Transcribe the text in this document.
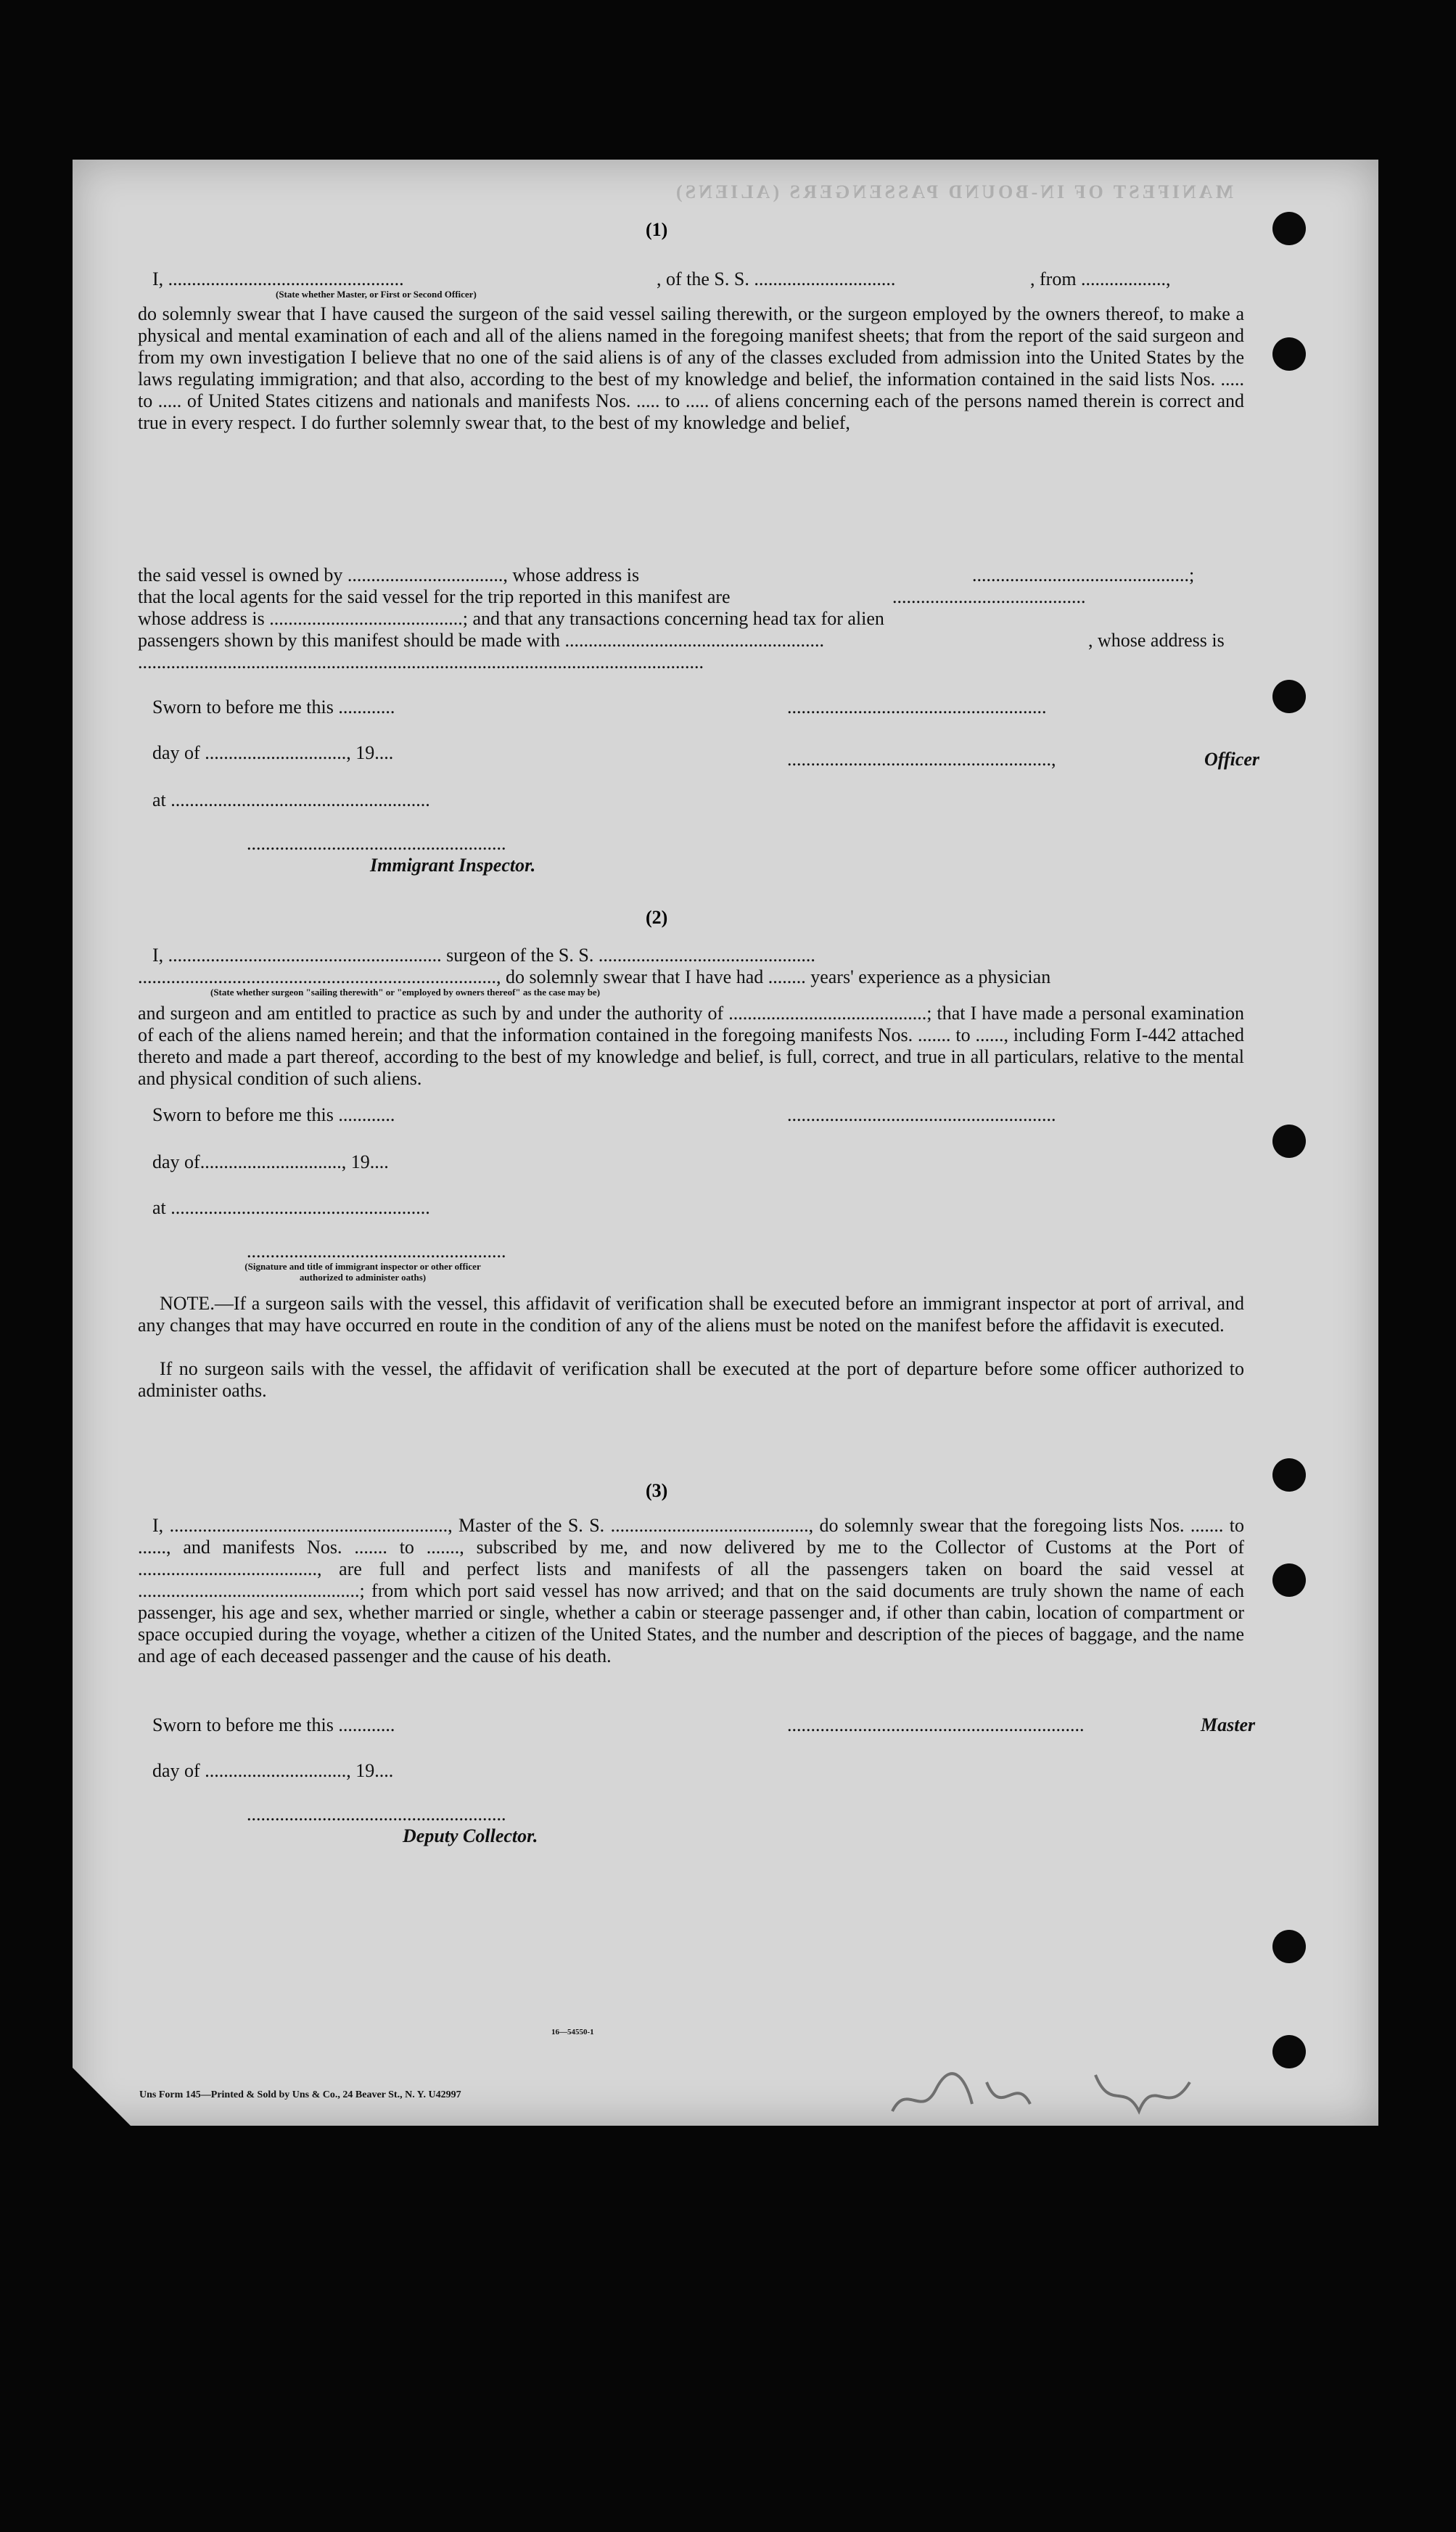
MANIFEST OF IN-BOUND PASSENGERS (ALIENS)
(1)
I, ..................................................	, of the S. S. ..............................	, from ..................,
(State whether Master, or First or Second Officer)

do solemnly swear that I have caused the surgeon of the said vessel sailing therewith, or the surgeon employed by the owners thereof, to make a physical and mental examination of each and all of the aliens named in the foregoing manifest sheets; that from the report of the said surgeon and from my own investigation I believe that no one of the said aliens is of any of the classes excluded from admission into the United States by the laws regulating immigration; and that also, according to the best of my knowledge and belief, the information contained in the said lists Nos. ..... to ..... of United States citizens and nationals and manifests Nos. ..... to ..... of aliens concerning each of the persons named therein is correct and true in every respect. I do further solemnly swear that, to the best of my knowledge and belief,

the said vessel is owned by ................................., whose address is	..............................................;
that the local agents for the said vessel for the trip reported in this manifest are	.........................................
whose address is .........................................; and that any transactions concerning head tax for alien
passengers shown by this manifest should be made with .......................................................	, whose address is
........................................................................................................................
Sworn to before me this ............
day of .............................., 19....
at .......................................................
.......................................................
Immigrant Inspector.
.......................................................
........................................................,	Officer
(2)
I, .......................................................... surgeon of the S. S. ..............................................
............................................................................, do solemnly swear that I have had ........ years' experience as a physician
(State whether surgeon "sailing therewith" or "employed by owners thereof" as the case may be)

and surgeon and am entitled to practice as such by and under the authority of ..........................................; that I have made a personal examination of each of the aliens named herein; and that the information contained in the foregoing manifests Nos. ....... to ......, including Form I-442 attached thereto and made a part thereof, according to the best of my knowledge and belief, is full, correct, and true in all particulars, relative to the mental and physical condition of such aliens.

Sworn to before me this ............
day of.............................., 19....
at .......................................................
.......................................................
(Signature and title of immigrant inspector or other officer authorized to administer oaths)
.........................................................

NOTE.—If a surgeon sails with the vessel, this affidavit of verification shall be executed before an immigrant inspector at port of arrival, and any changes that may have occurred en route in the condition of any of the aliens must be noted on the manifest before the affidavit is executed.

If no surgeon sails with the vessel, the affidavit of verification shall be executed at the port of departure before some officer authorized to administer oaths.

(3)

I, ..........................................................., Master of the S. S. .........................................., do solemnly swear that the foregoing lists Nos. ....... to ......, and manifests Nos. ....... to ......., subscribed by me, and now delivered by me to the Collector of Customs at the Port of ......................................, are full and perfect lists and manifests of all the passengers taken on board the said vessel at ...............................................; from which port said vessel has now arrived; and that on the said documents are truly shown the name of each passenger, his age and sex, whether married or single, whether a cabin or steerage passenger and, if other than cabin, location of compartment or space occupied during the voyage, whether a citizen of the United States, and the number and description of the pieces of baggage, and the name and age of each deceased passenger and the cause of his death.

Sworn to before me this ............
day of .............................., 19....
...............................................................	Master
.......................................................
Deputy Collector.
16—54550-1
Uns Form 145—Printed & Sold by Uns & Co., 24 Beaver St., N. Y. U42997
